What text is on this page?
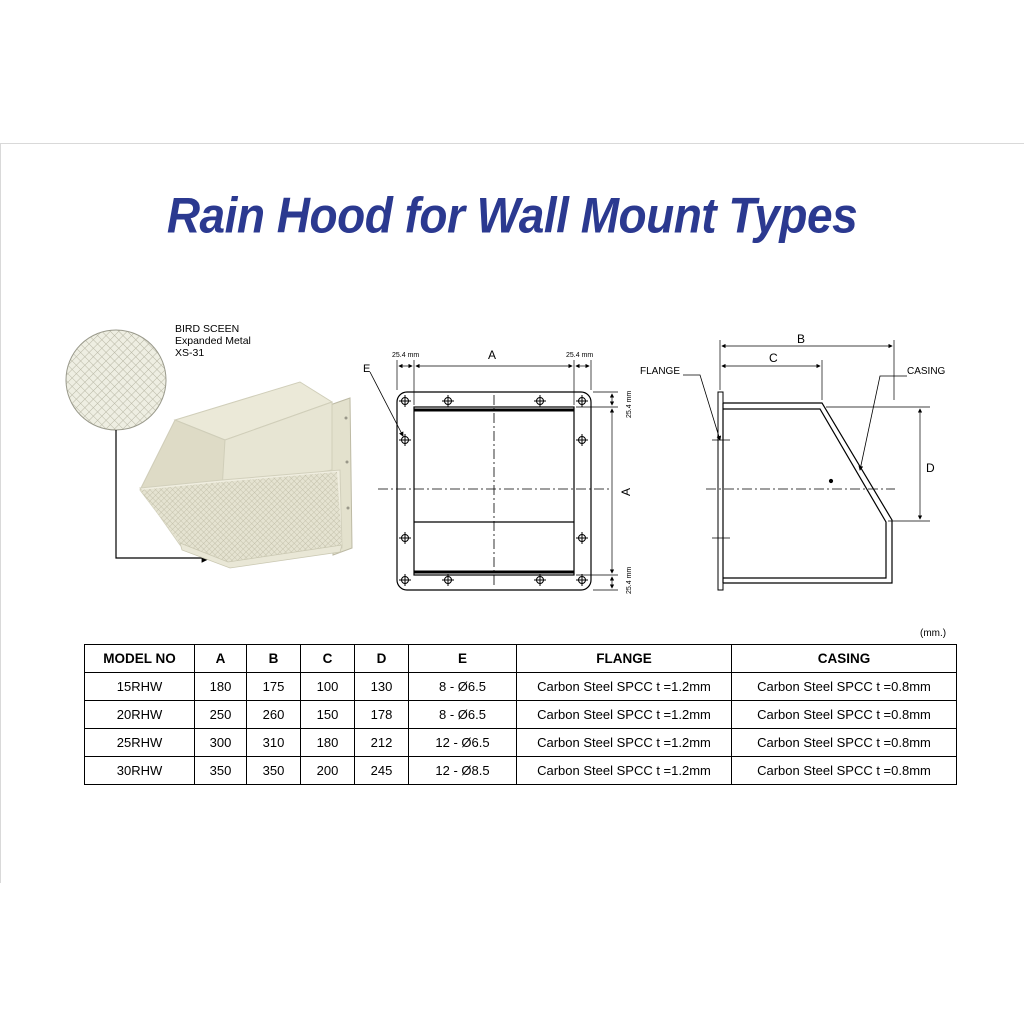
Rain Hood for Wall Mount Types
BIRD SCEEN
Expanded Metal
XS-31	25.4 mm	A	25.4 mm
E
A
25.4 mm
25.4 mm
B
C
FLANGE	CASING
D
(mm.)
MODEL NO	A	B	C	D	E	FLANGE	CASING
15RHW	180	175	100	130	8 - Ø6.5	Carbon Steel SPCC t =1.2mm	Carbon Steel SPCC t =0.8mm
20RHW	250	260	150	178	8 - Ø6.5	Carbon Steel SPCC t =1.2mm	Carbon Steel SPCC t =0.8mm
25RHW	300	310	180	212	12 - Ø6.5	Carbon Steel SPCC t =1.2mm	Carbon Steel SPCC t =0.8mm
30RHW	350	350	200	245	12 - Ø8.5	Carbon Steel SPCC t =1.2mm	Carbon Steel SPCC t =0.8mm
